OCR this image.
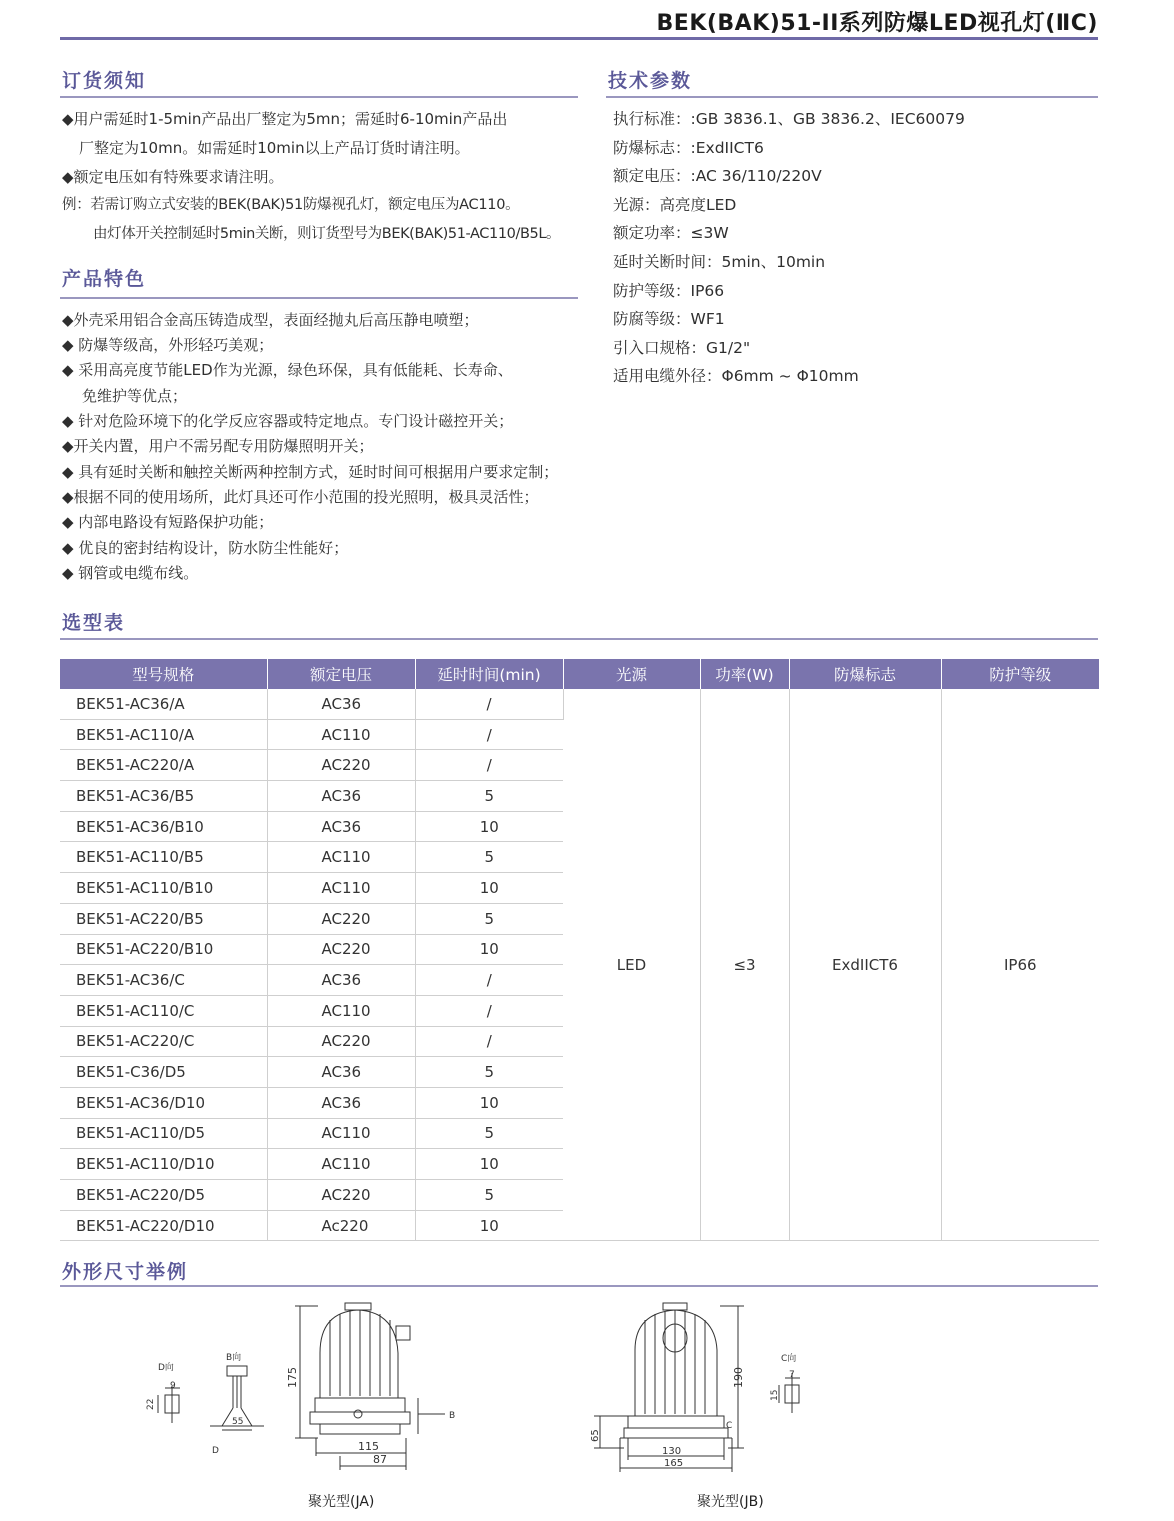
BEK(BAK)51-II系列防爆LED视孔灯(ⅡC)
订货须知
◆用户需延时1-5min产品出厂整定为5mn；需延时6-10min产品出
厂整定为10mn。如需延时10min以上产品订货时请注明。
◆额定电压如有特殊要求请注明。
例：若需订购立式安装的BEK(BAK)51防爆视孔灯，额定电压为AC110。
由灯体开关控制延时5min关断，则订货型号为BEK(BAK)51-AC110/B5L。
产品特色
◆外壳采用铝合金高压铸造成型，表面经抛丸后高压静电喷塑；
◆ 防爆等级高，外形轻巧美观；
◆ 采用高亮度节能LED作为光源，绿色环保，具有低能耗、长寿命、
免维护等优点；
◆ 针对危险环境下的化学反应容器或特定地点。专门设计磁控开关；
◆开关内置，用户不需另配专用防爆照明开关；
◆ 具有延时关断和触控关断两种控制方式，延时时间可根据用户要求定制；
◆根据不同的使用场所，此灯具还可作小范围的投光照明，极具灵活性；
◆ 内部电路设有短路保护功能；
◆ 优良的密封结构设计，防水防尘性能好；
◆ 钢管或电缆布线。
技术参数
执行标准：:GB 3836.1、GB 3836.2、IEC60079
防爆标志：:ExdIICT6
额定电压：:AC 36/110/220V
光源：高亮度LED
额定功率：≤3W
延时关断时间：5min、10min
防护等级：IP66
防腐等级：WF1
引入口规格：G1/2"
适用电缆外径：Φ6mm ~ Φ10mm
选型表
型号规格	额定电压	延时时间(min)	光源	功率(W)	防爆标志	防护等级
BEK51-AC36/A	AC36	/	LED	≤3	ExdIICT6	IP66
BEK51-AC110/A	AC110	/				
BEK51-AC220/A	AC220	/				
BEK51-AC36/B5	AC36	5				
BEK51-AC36/B10	AC36	10				
BEK51-AC110/B5	AC110	5				
BEK51-AC110/B10	AC110	10				
BEK51-AC220/B5	AC220	5				
BEK51-AC220/B10	AC220	10				
BEK51-AC36/C	AC36	/				
BEK51-AC110/C	AC110	/				
BEK51-AC220/C	AC220	/				
BEK51-C36/D5	AC36	5				
BEK51-AC36/D10	AC36	10				
BEK51-AC110/D5	AC110	5				
BEK51-AC110/D10	AC110	10				
BEK51-AC220/D5	AC220	5				
BEK51-AC220/D10	Ac220	10				
外形尺寸举例
D向
9
22
B向
55
D
175
115
87
B
聚光型(JA)
190
65
130
165
C
C向
7
15
聚光型(JB)
